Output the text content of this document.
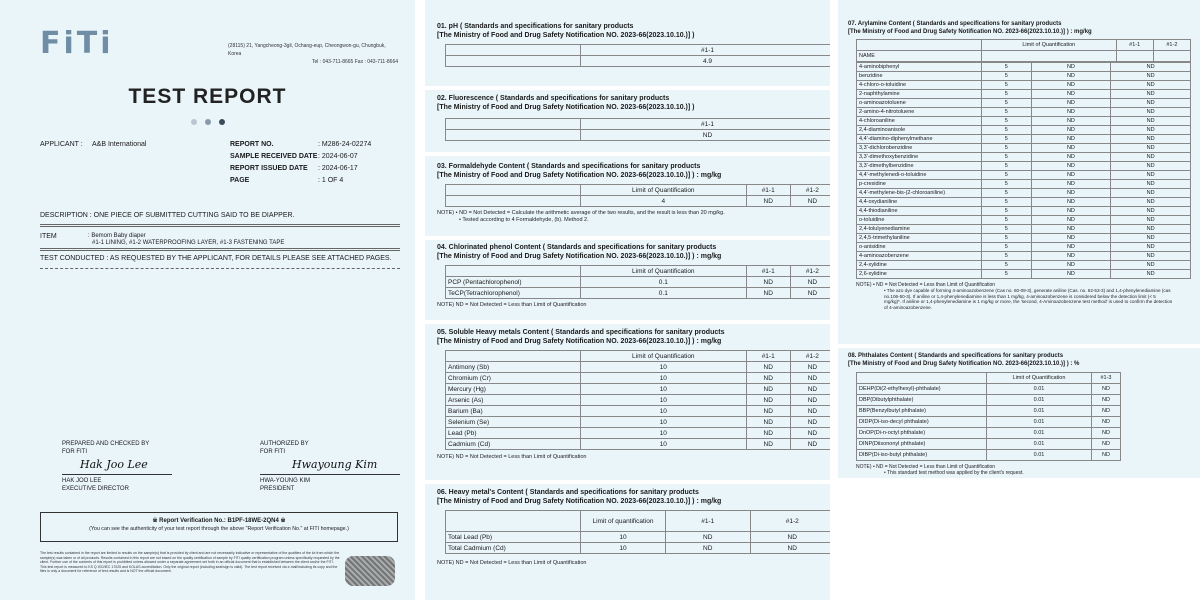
FiTi	(28115) 21, Yangcheong-3gil, Ochang-eup, Cheongwon-gu, Chungbuk, Korea
Tel : 043-711-8665 Fax : 043-711-8664
TEST REPORT
APPLICANT : A&B International	REPORT NO.	: M286-24-02274
SAMPLE RECEIVED DATE : 2024-06-07
REPORT ISSUED DATE : 2024-06-17
PAGE	: 1 OF 4
DESCRIPTION : ONE PIECE OF SUBMITTED CUTTING SAID TO BE DIAPPER.
ITEM	: Bemom Baby diaper
#1-1 LINING, #1-2 WATERPROOFING LAYER, #1-3 FASTENING TAPE
TEST CONDUCTED : AS REQUESTED BY THE APPLICANT, FOR DETAILS PLEASE SEE ATTACHED PAGES.
PREPARED AND CHECKED BY
FOR FITI
Hak Joo Lee
HAK JOO LEE
EXECUTIVE DIRECTOR
AUTHORIZED BY
FOR FITI
Hwayoung Kim
HWA-YOUNG KIM
PRESIDENT
※ Report Verification No.: B1PF-18WE-2QN4 ※
(You can see the authenticity of your test report through the above "Report Verification No." at FITI homepage.)
The test results contained in the report are limited to results on the sample(s) that is provided by client and are not necessarily indicative or representative of the qualities of the lot from which the sample(s) was taken or of all products. Results contained in this report are not based on the quality certification of sample by FITI quality certification program unless specifically requested by the client. Further use of the contents of this report is prohibited unless allowed under a separate agreement set forth in an official document that is established between the client and/or the FITI. This test report is measured to KS Q ISO/IEC 17025 and KOLAS accreditation. Only the original report (including seal/sign is valid). The test report received via e-mail/including its copy and the files is only a document for reference of test results and is NOT the official document.
01. pH ( Standards and specifications for sanitary products
[The Ministry of Food and Drug Safety Notification NO. 2023-66(2023.10.10.)] )
	#1-1
	4.9
02. Fluorescence ( Standards and specifications for sanitary products
[The Ministry of Food and Drug Safety Notification NO. 2023-66(2023.10.10.)] )
	#1-1
	ND
03. Formaldehyde Content ( Standards and specifications for sanitary products
[The Ministry of Food and Drug Safety Notification NO. 2023-66(2023.10.10.)] ) : mg/kg
	Limit of Quantification	#1-1	#1-2
	4	ND	ND
NOTE) • ND = Not Detected = Calculate the arithmetic average of the two results, and the result is less than 20 mg/kg.
• Tested according to 4 Formaldehyde, (b). Method 2.
04. Chlorinated phenol Content ( Standards and specifications for sanitary products
[The Ministry of Food and Drug Safety Notification NO. 2023-66(2023.10.10.)] ) : mg/kg
	Limit of Quantification	#1-1	#1-2
PCP (Pentachlorophenol)	0.1	ND	ND
TeCP(Tetrachlorophenol)	0.1	ND	ND
NOTE) ND = Not Detected = Less than Limit of Quantification
05. Soluble Heavy metals Content ( Standards and specifications for sanitary products
[The Ministry of Food and Drug Safety Notification NO. 2023-66(2023.10.10.)] ) : mg/kg
	Limit of Quantification	#1-1	#1-2
Antimony (Sb)	10	ND	ND
Chromium (Cr)	10	ND	ND
Mercury (Hg)	10	ND	ND
Arsenic (As)	10	ND	ND
Barium (Ba)	10	ND	ND
Selenium (Se)	10	ND	ND
Lead (Pb)	10	ND	ND
Cadmium (Cd)	10	ND	ND
NOTE) ND = Not Detected = Less than Limit of Quantification
06. Heavy metal's Content ( Standards and specifications for sanitary products
[The Ministry of Food and Drug Safety Notification NO. 2023-66(2023.10.10.)] ) : mg/kg
	Limit of quantification	#1-1	#1-2
Total Lead (Pb)	10	ND	ND
Total Cadmium (Cd)	10	ND	ND
NOTE) ND = Not Detected = Less than Limit of Quantification
07. Arylamine Content ( Standards and specifications for sanitary products
[The Ministry of Food and Drug Safety Notification NO. 2023-66(2023.10.10.)] ) : mg/kg
	Limit of Quantification	#1-1	#1-2
NAME			
4-aminobiphenyl	5	ND	ND
benzidine	5	ND	ND
4-chloro-o-toluidine	5	ND	ND
2-naphthylamine	5	ND	ND
o-aminoazotoluene	5	ND	ND
2-amino-4-nitrotoluene	5	ND	ND
4-chloroaniline	5	ND	ND
2,4-diaminoanisole	5	ND	ND
4,4'-diamino-diphenylmethane	5	ND	ND
3,3'-dichlorobenzidine	5	ND	ND
3,3'-dimethoxybenzidine	5	ND	ND
3,3'-dimethylbenzidine	5	ND	ND
4,4'-methylenedi-o-toluidine	5	ND	ND
p-cresidine	5	ND	ND
4,4'-methylene-bis-(2-chloroaniline)	5	ND	ND
4,4-oxydianiline	5	ND	ND
4,4-thiodianiline	5	ND	ND
o-toluidine	5	ND	ND
2,4-tolulyenediamine	5	ND	ND
2,4,5-trimethylaniline	5	ND	ND
o-anisidine	5	ND	ND
4-aminoazobenzene	5	ND	ND
2,4-xylidine	5	ND	ND
2,6-xylidine	5	ND	ND
NOTE) • ND = Not Detected = Less than Limit of Quantification
• The azo dye capable of forming 4-aminoazobenzene (Cas no. 60-09-3), generate aniline (Cas. no. 62-53-3) and 1,4-phenylenediamine (cas no.106-50-3). If aniline or 1,4-phenylenediamine is less than 1 mg/kg, 4-aminoazobenzene is considered below the detection limit (< 5 mg/kg)*. If aniline or 1,4-phenylenediamine is 1 mg/kg or more, the 'second, 4-Aminoazobenzene test method' is used to confirm the detection of 4-aminoazobenzene.
08. Phthalates Content ( Standards and specifications for sanitary products
[The Ministry of Food and Drug Safety Notification NO. 2023-66(2023.10.10.)] ) : %
	Limit of Quantification	#1-3
DEHP(Di(2-ethylhexyl)-phthalate)	0.01	ND
DBP(Dibutylphthalate)	0.01	ND
BBP(Benzylbutyl phthalate)	0.01	ND
DIDP(Di-iso-decyl phthalate)	0.01	ND
DnOP(Di-n-octyl phthalate)	0.01	ND
DINP(Diisononyl phthalate)	0.01	ND
DIBP(Di-iso-butyl phthalate)	0.01	ND
NOTE) • ND = Not Detected = Less than Limit of Quantification
• This standard test method was applied by the client's request.
